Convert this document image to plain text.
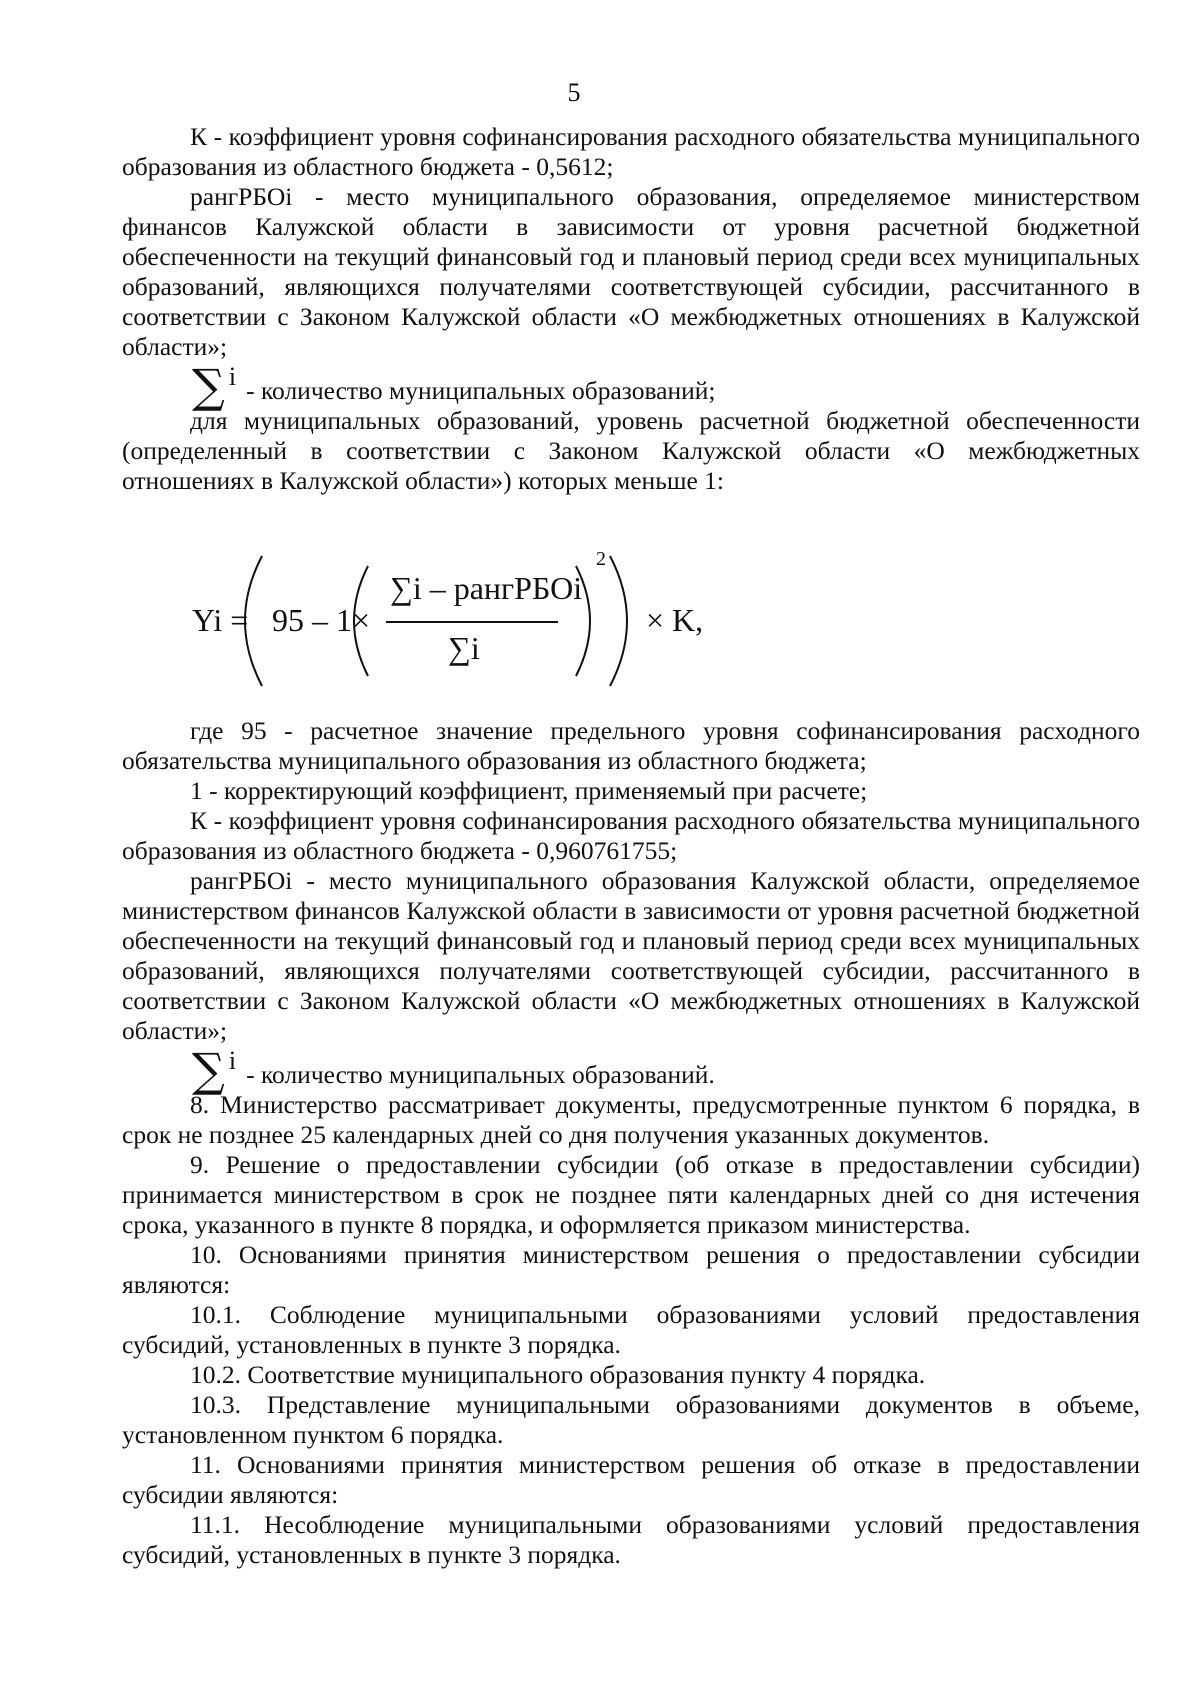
5

К - коэффициент уровня софинансирования расходного обязательства муниципального образования из областного бюджета - 0,5612;

рангРБОi - место муниципального образования, определяемое министерством финансов Калужской области в зависимости от уровня расчетной бюджетной обеспеченности на текущий финансовый год и плановый период среди всех муниципальных образований, являющихся получателями соответствующей субсидии, рассчитанного в соответствии с Законом Калужской области «О межбюджетных отношениях в Калужской области»;

∑ i - количество муниципальных образований;

для муниципальных образований, уровень расчетной бюджетной обеспеченности (определенный в соответствии с Законом Калужской области «О межбюджетных отношениях в Калужской области») которых меньше 1:

Yi = 95 – 1×
∑i – рангРБОi
∑i
2
× K,

где 95 - расчетное значение предельного уровня софинансирования расходного обязательства муниципального образования из областного бюджета;

1 - корректирующий коэффициент, применяемый при расчете;

К - коэффициент уровня софинансирования расходного обязательства муниципального образования из областного бюджета - 0,960761755;

рангРБОi - место муниципального образования Калужской области, определяемое министерством финансов Калужской области в зависимости от уровня расчетной бюджетной обеспеченности на текущий финансовый год и плановый период среди всех муниципальных образований, являющихся получателями соответствующей субсидии, рассчитанного в соответствии с Законом Калужской области «О межбюджетных отношениях в Калужской области»;

∑ i - количество муниципальных образований.

8. Министерство рассматривает документы, предусмотренные пунктом 6 порядка, в срок не позднее 25 календарных дней со дня получения указанных документов.

9. Решение о предоставлении субсидии (об отказе в предоставлении субсидии) принимается министерством в срок не позднее пяти календарных дней со дня истечения срока, указанного в пункте 8 порядка, и оформляется приказом министерства.

10. Основаниями принятия министерством решения о предоставлении субсидии являются:

10.1. Соблюдение муниципальными образованиями условий предоставления субсидий, установленных в пункте 3 порядка.

10.2. Соответствие муниципального образования пункту 4 порядка.

10.3. Представление муниципальными образованиями документов в объеме, установленном пунктом 6 порядка.

11. Основаниями принятия министерством решения об отказе в предоставлении субсидии являются:

11.1. Несоблюдение муниципальными образованиями условий предоставления субсидий, установленных в пункте 3 порядка.
